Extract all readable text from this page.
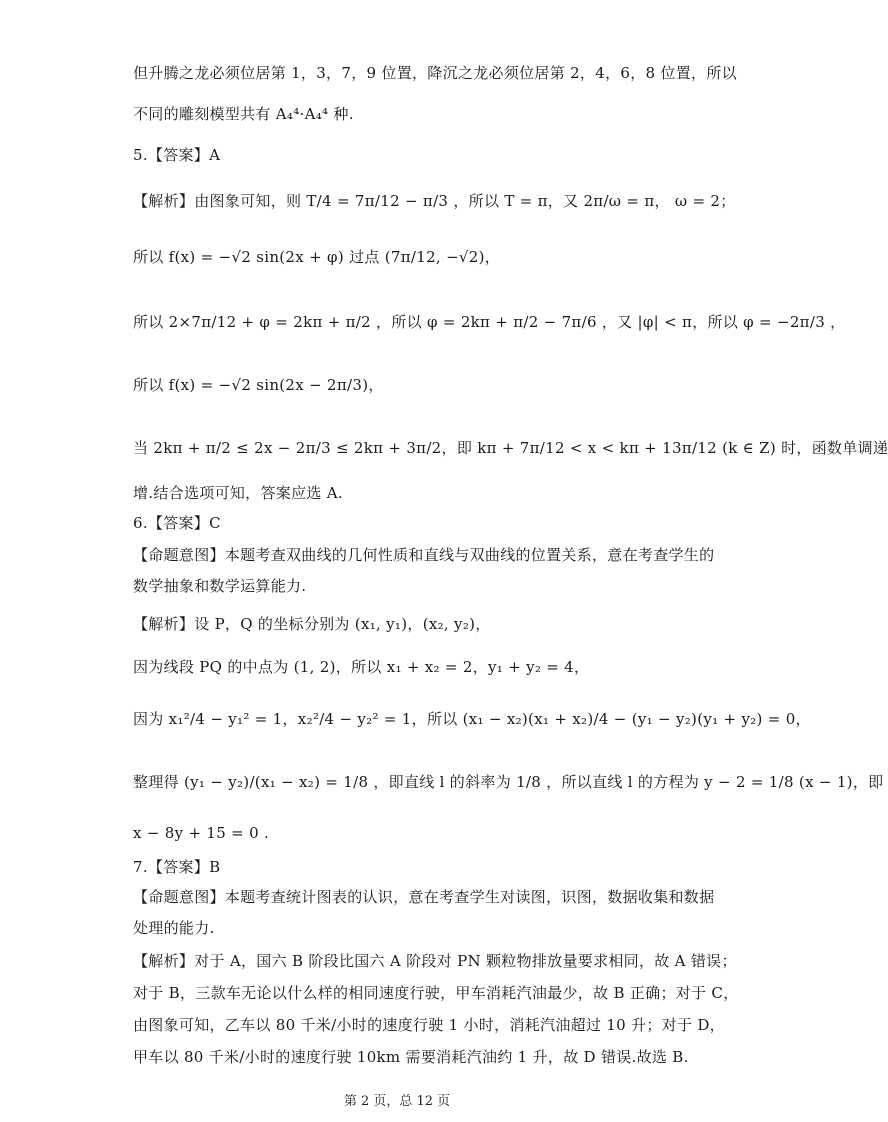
但升腾之龙必须位居第 1，3，7，9 位置，降沉之龙必须位居第 2，4，6，8 位置，所以
不同的雕刻模型共有 A₄⁴·A₄⁴ 种.
5.【答案】A
【解析】由图象可知，则 T/4 = 7π/12 − π/3 ，所以 T = π，又 2π/ω = π， ω = 2；
所以 f(x) = −√2 sin(2x + φ) 过点 (7π/12, −√2)，
所以 2×7π/12 + φ = 2kπ + π/2 ，所以 φ = 2kπ + π/2 − 7π/6 ，又 |φ| < π，所以 φ = −2π/3 ，
所以 f(x) = −√2 sin(2x − 2π/3)，
当 2kπ + π/2 ≤ 2x − 2π/3 ≤ 2kπ + 3π/2，即 kπ + 7π/12 < x < kπ + 13π/12 (k ∈ Z) 时，函数单调递
增.结合选项可知，答案应选 A.
6.【答案】C
【命题意图】本题考查双曲线的几何性质和直线与双曲线的位置关系，意在考查学生的
数学抽象和数学运算能力.
【解析】设 P，Q 的坐标分别为 (x₁, y₁)，(x₂, y₂)，
因为线段 PQ 的中点为 (1, 2)，所以 x₁ + x₂ = 2，y₁ + y₂ = 4，
因为 x₁²/4 − y₁² = 1，x₂²/4 − y₂² = 1，所以 (x₁ − x₂)(x₁ + x₂)/4 − (y₁ − y₂)(y₁ + y₂) = 0，
整理得 (y₁ − y₂)/(x₁ − x₂) = 1/8 ，即直线 l 的斜率为 1/8 ，所以直线 l 的方程为 y − 2 = 1/8 (x − 1)，即
x − 8y + 15 = 0 .
7.【答案】B
【命题意图】本题考查统计图表的认识，意在考查学生对读图，识图，数据收集和数据
处理的能力.
【解析】对于 A，国六 B 阶段比国六 A 阶段对 PN 颗粒物排放量要求相同，故 A 错误；
对于 B，三款车无论以什么样的相同速度行驶，甲车消耗汽油最少，故 B 正确；对于 C，
由图象可知，乙车以 80 千米/小时的速度行驶 1 小时，消耗汽油超过 10 升；对于 D，
甲车以 80 千米/小时的速度行驶 10km 需要消耗汽油约 1 升，故 D 错误.故选 B.
第 2 页，总 12 页
